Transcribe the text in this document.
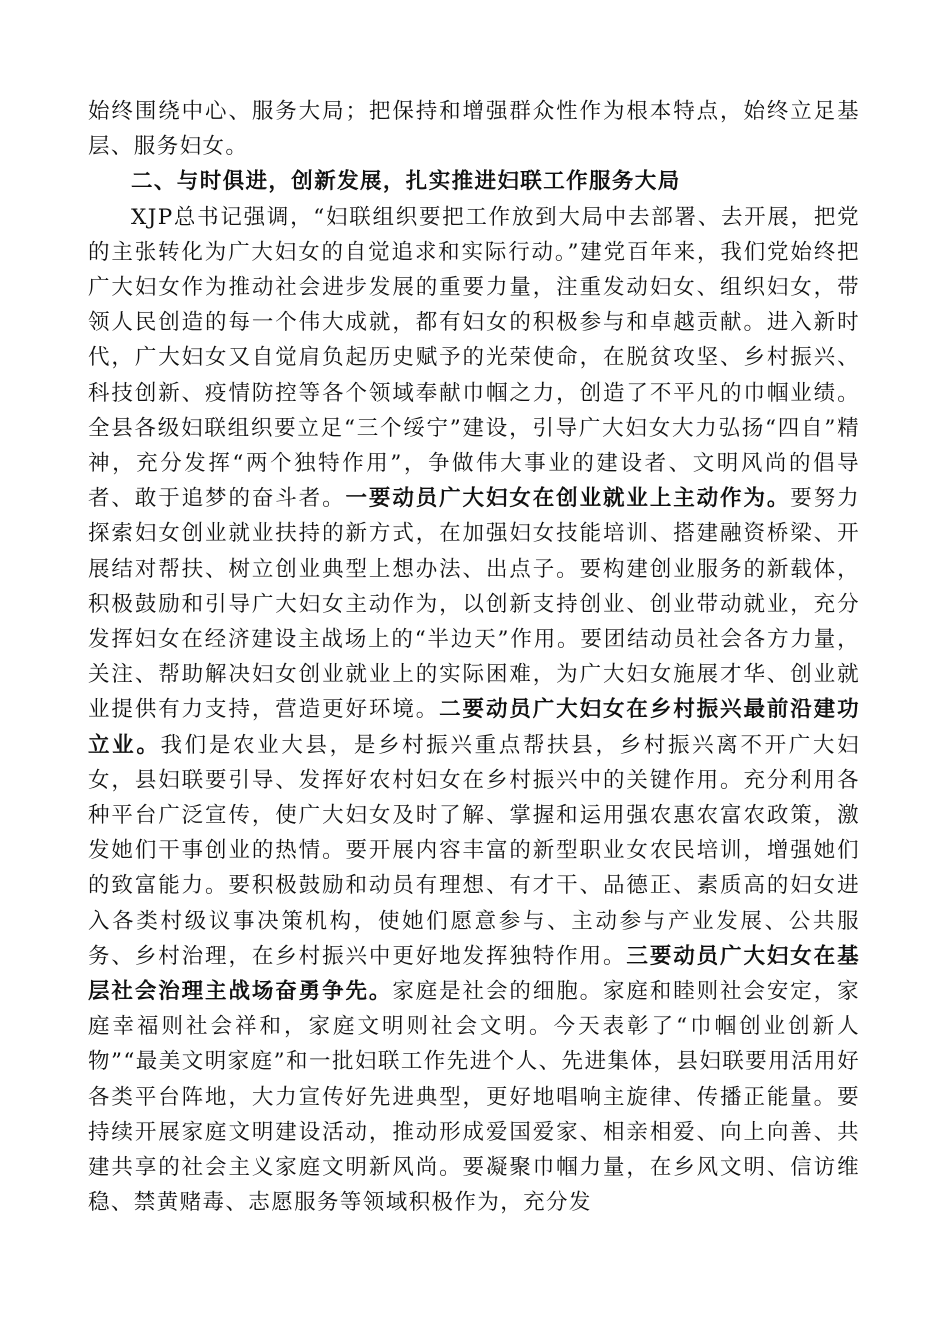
始终围绕中心、服务大局；把保持和增强群众性作为根本特点，始终立足基层、服务妇女。

二、与时俱进，创新发展，扎实推进妇联工作服务大局

XJP总书记强调，“妇联组织要把工作放到大局中去部署、去开展，把党的主张转化为广大妇女的自觉追求和实际行动。”建党百年来，我们党始终把广大妇女作为推动社会进步发展的重要力量，注重发动妇女、组织妇女，带领人民创造的每一个伟大成就，都有妇女的积极参与和卓越贡献。进入新时代，广大妇女又自觉肩负起历史赋予的光荣使命，在脱贫攻坚、乡村振兴、科技创新、疫情防控等各个领域奉献巾帼之力，创造了不平凡的巾帼业绩。全县各级妇联组织要立足“三个绥宁”建设，引导广大妇女大力弘扬“四自”精神，充分发挥“两个独特作用”，争做伟大事业的建设者、文明风尚的倡导者、敢于追梦的奋斗者。一要动员广大妇女在创业就业上主动作为。要努力探索妇女创业就业扶持的新方式，在加强妇女技能培训、搭建融资桥梁、开展结对帮扶、树立创业典型上想办法、出点子。要构建创业服务的新载体，积极鼓励和引导广大妇女主动作为，以创新支持创业、创业带动就业，充分发挥妇女在经济建设主战场上的“半边天”作用。要团结动员社会各方力量，关注、帮助解决妇女创业就业上的实际困难，为广大妇女施展才华、创业就业提供有力支持，营造更好环境。二要动员广大妇女在乡村振兴最前沿建功立业。我们是农业大县，是乡村振兴重点帮扶县，乡村振兴离不开广大妇女，县妇联要引导、发挥好农村妇女在乡村振兴中的关键作用。充分利用各种平台广泛宣传，使广大妇女及时了解、掌握和运用强农惠农富农政策，激发她们干事创业的热情。要开展内容丰富的新型职业女农民培训，增强她们的致富能力。要积极鼓励和动员有理想、有才干、品德正、素质高的妇女进入各类村级议事决策机构，使她们愿意参与、主动参与产业发展、公共服务、乡村治理，在乡村振兴中更好地发挥独特作用。三要动员广大妇女在基层社会治理主战场奋勇争先。家庭是社会的细胞。家庭和睦则社会安定，家庭幸福则社会祥和，家庭文明则社会文明。今天表彰了“巾帼创业创新人物”“最美文明家庭”和一批妇联工作先进个人、先进集体，县妇联要用活用好各类平台阵地，大力宣传好先进典型，更好地唱响主旋律、传播正能量。要持续开展家庭文明建设活动，推动形成爱国爱家、相亲相爱、向上向善、共建共享的社会主义家庭文明新风尚。要凝聚巾帼力量，在乡风文明、信访维稳、禁黄赌毒、志愿服务等领域积极作为，充分发
